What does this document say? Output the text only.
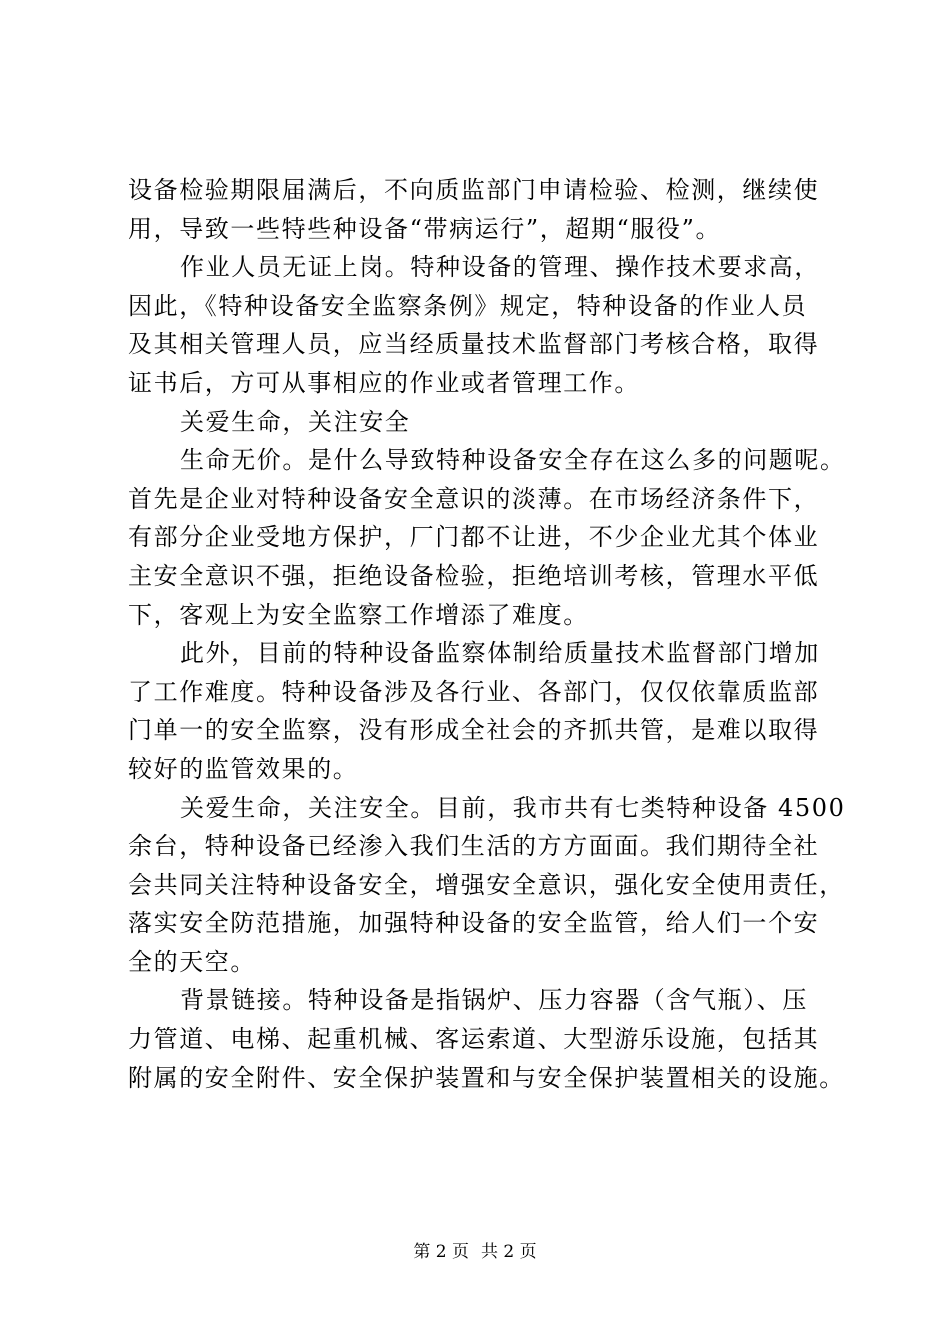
设备检验期限届满后，不向质监部门申请检验、检测，继续使
用，导致一些特些种设备“带病运行”，超期“服役”。
作业人员无证上岗。特种设备的管理、操作技术要求高，
因此，《特种设备安全监察条例》规定，特种设备的作业人员
及其相关管理人员，应当经质量技术监督部门考核合格，取得
证书后，方可从事相应的作业或者管理工作。
关爱生命，关注安全
生命无价。是什么导致特种设备安全存在这么多的问题呢。
首先是企业对特种设备安全意识的淡薄。在市场经济条件下，
有部分企业受地方保护，厂门都不让进，不少企业尤其个体业
主安全意识不强，拒绝设备检验，拒绝培训考核，管理水平低
下，客观上为安全监察工作增添了难度。
此外，目前的特种设备监察体制给质量技术监督部门增加
了工作难度。特种设备涉及各行业、各部门，仅仅依靠质监部
门单一的安全监察，没有形成全社会的齐抓共管，是难以取得
较好的监管效果的。
关爱生命，关注安全。目前，我市共有七类特种设备 4500
余台，特种设备已经渗入我们生活的方方面面。我们期待全社
会共同关注特种设备安全，增强安全意识，强化安全使用责任，
落实安全防范措施，加强特种设备的安全监管，给人们一个安
全的天空。
背景链接。特种设备是指锅炉、压力容器（含气瓶）、压
力管道、电梯、起重机械、客运索道、大型游乐设施，包括其
附属的安全附件、安全保护装置和与安全保护装置相关的设施。
第 2 页 共 2 页
